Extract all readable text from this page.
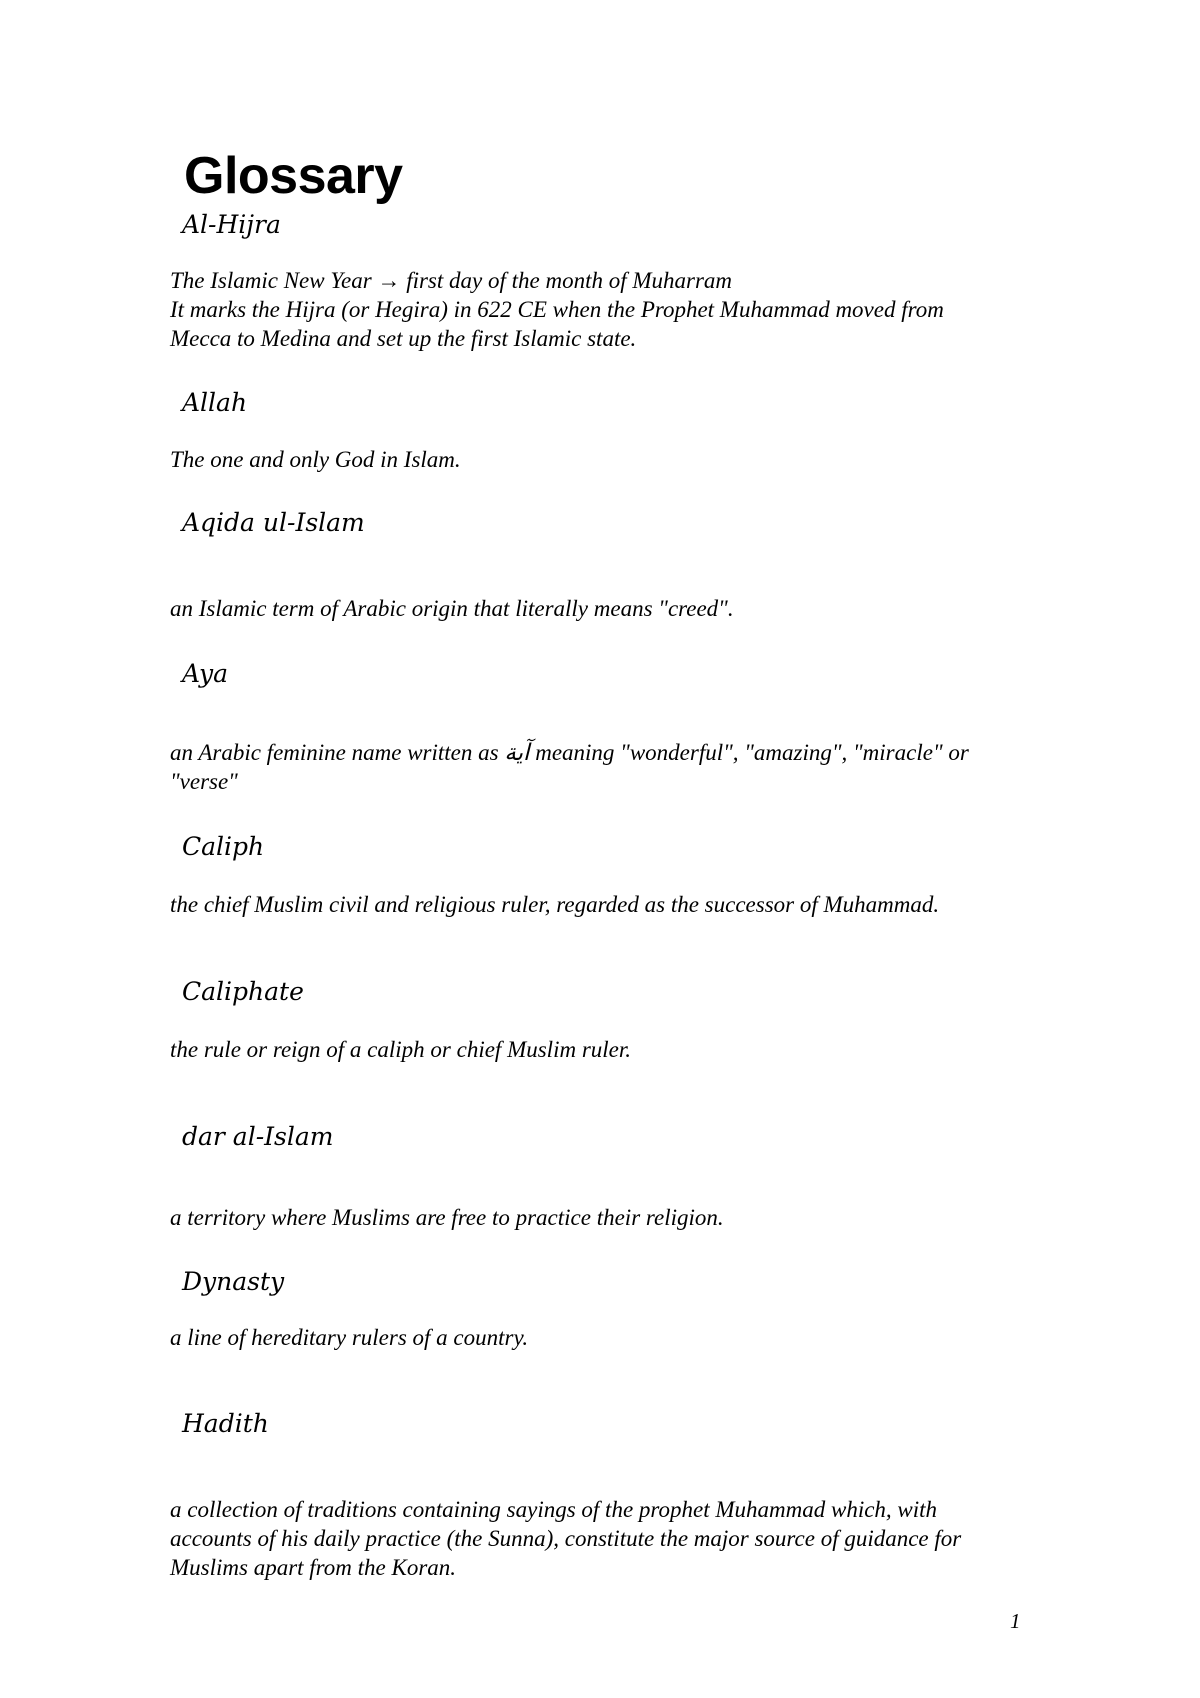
Glossary
Al-Hijra

The Islamic New Year → first day of the month of Muharram
It marks the Hijra (or Hegira) in 622 CE when the Prophet Muhammad moved from
Mecca to Medina and set up the first Islamic state.

Allah

The one and only God in Islam.

Aqida ul-Islam

an Islamic term of Arabic origin that literally means "creed".

Aya

an Arabic feminine name written as آية meaning "wonderful", "amazing", "miracle" or
"verse"

Caliph

the chief Muslim civil and religious ruler, regarded as the successor of Muhammad.

Caliphate

the rule or reign of a caliph or chief Muslim ruler.

dar al-Islam

a territory where Muslims are free to practice their religion.

Dynasty

a line of hereditary rulers of a country.

Hadith

a collection of traditions containing sayings of the prophet Muhammad which, with
accounts of his daily practice (the Sunna), constitute the major source of guidance for
Muslims apart from the Koran.

1
